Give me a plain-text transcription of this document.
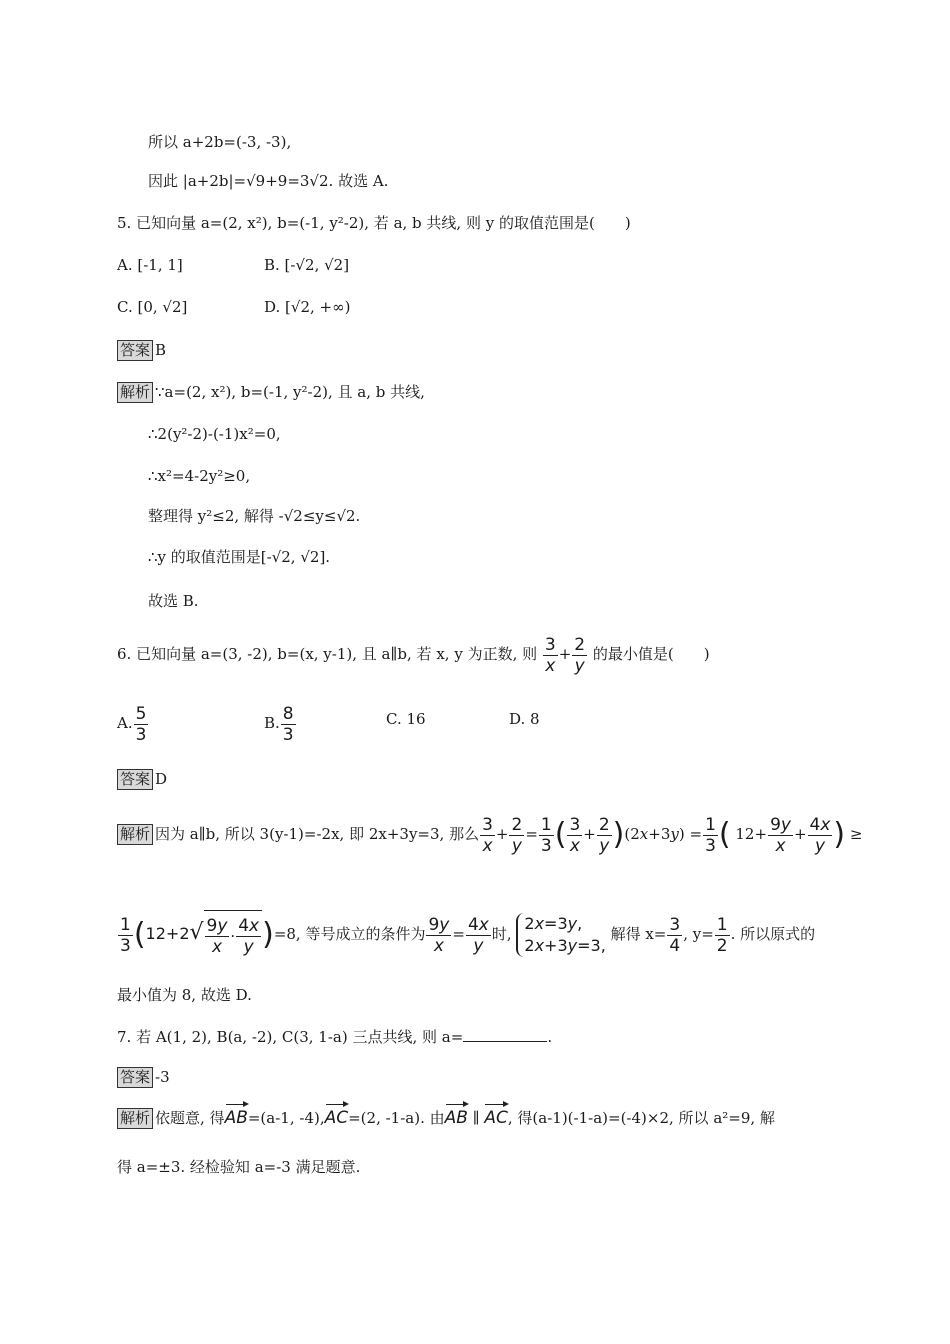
所以 a+2b=(-3, -3),
因此 |a+2b|=√9+9=3√2. 故选 A.
5. 已知向量 a=(2, x²), b=(-1, y²-2), 若 a, b 共线, 则 y 的取值范围是(　　)
A. [-1, 1]	B. [-√2, √2]
C. [0, √2]	D. [√2, +∞)
答案 B
解析 ∵a=(2, x²), b=(-1, y²-2), 且 a, b 共线,
∴2(y²-2)-(-1)x²=0,
∴x²=4-2y²≥0,
整理得 y²≤2, 解得 -√2≤y≤√2.
∴y 的取值范围是[-√2, √2].
故选 B.
6. 已知向量 a=(3, -2), b=(x, y-1), 且 a∥b, 若 x, y 为正数, 则 $\frac{3}{x} + \frac{2}{y}$ 的最小值是(　　)
A. $\frac{5}{3}$	B. $\frac{8}{3}$	C. 16	D. 8
答案 D
解析 因为 a∥b, 所以 3(y-1)=-2x, 即 2x+3y=3, 那么 $\frac{3}{x} + \frac{2}{y} = \frac{1}{3}$ ( $\frac{3}{x} + \frac{2}{y} )(2x+3y) = \frac{1}{3}$ ( $12+ \frac{9y}{x} + \frac{4x}{y}$ ) ≥
$\frac{1}{3} (12+2√ \frac{9y}{x} \cdot \frac{4x}{y} )=8$, 等号成立的条件为 $\frac{9y}{x} = \frac{4x}{y}$ 时,
2x=3y,
2x+3y=3,
解得 $x= \frac{3}{4}$ , $y= \frac{1}{2}$ . 所以原式的
最小值为 8, 故选 D.
7. 若 A(1, 2), B(a, -2), C(3, 1-a) 三点共线, 则 a=	.
答案 -3
解析 依题意, 得AB=(a-1, -4),AC=(2, -1-a). 由AB ∥ AC, 得(a-1)(-1-a)=(-4)×2, 所以 a²=9, 解
得 a=±3. 经检验知 a=-3 满足题意.
